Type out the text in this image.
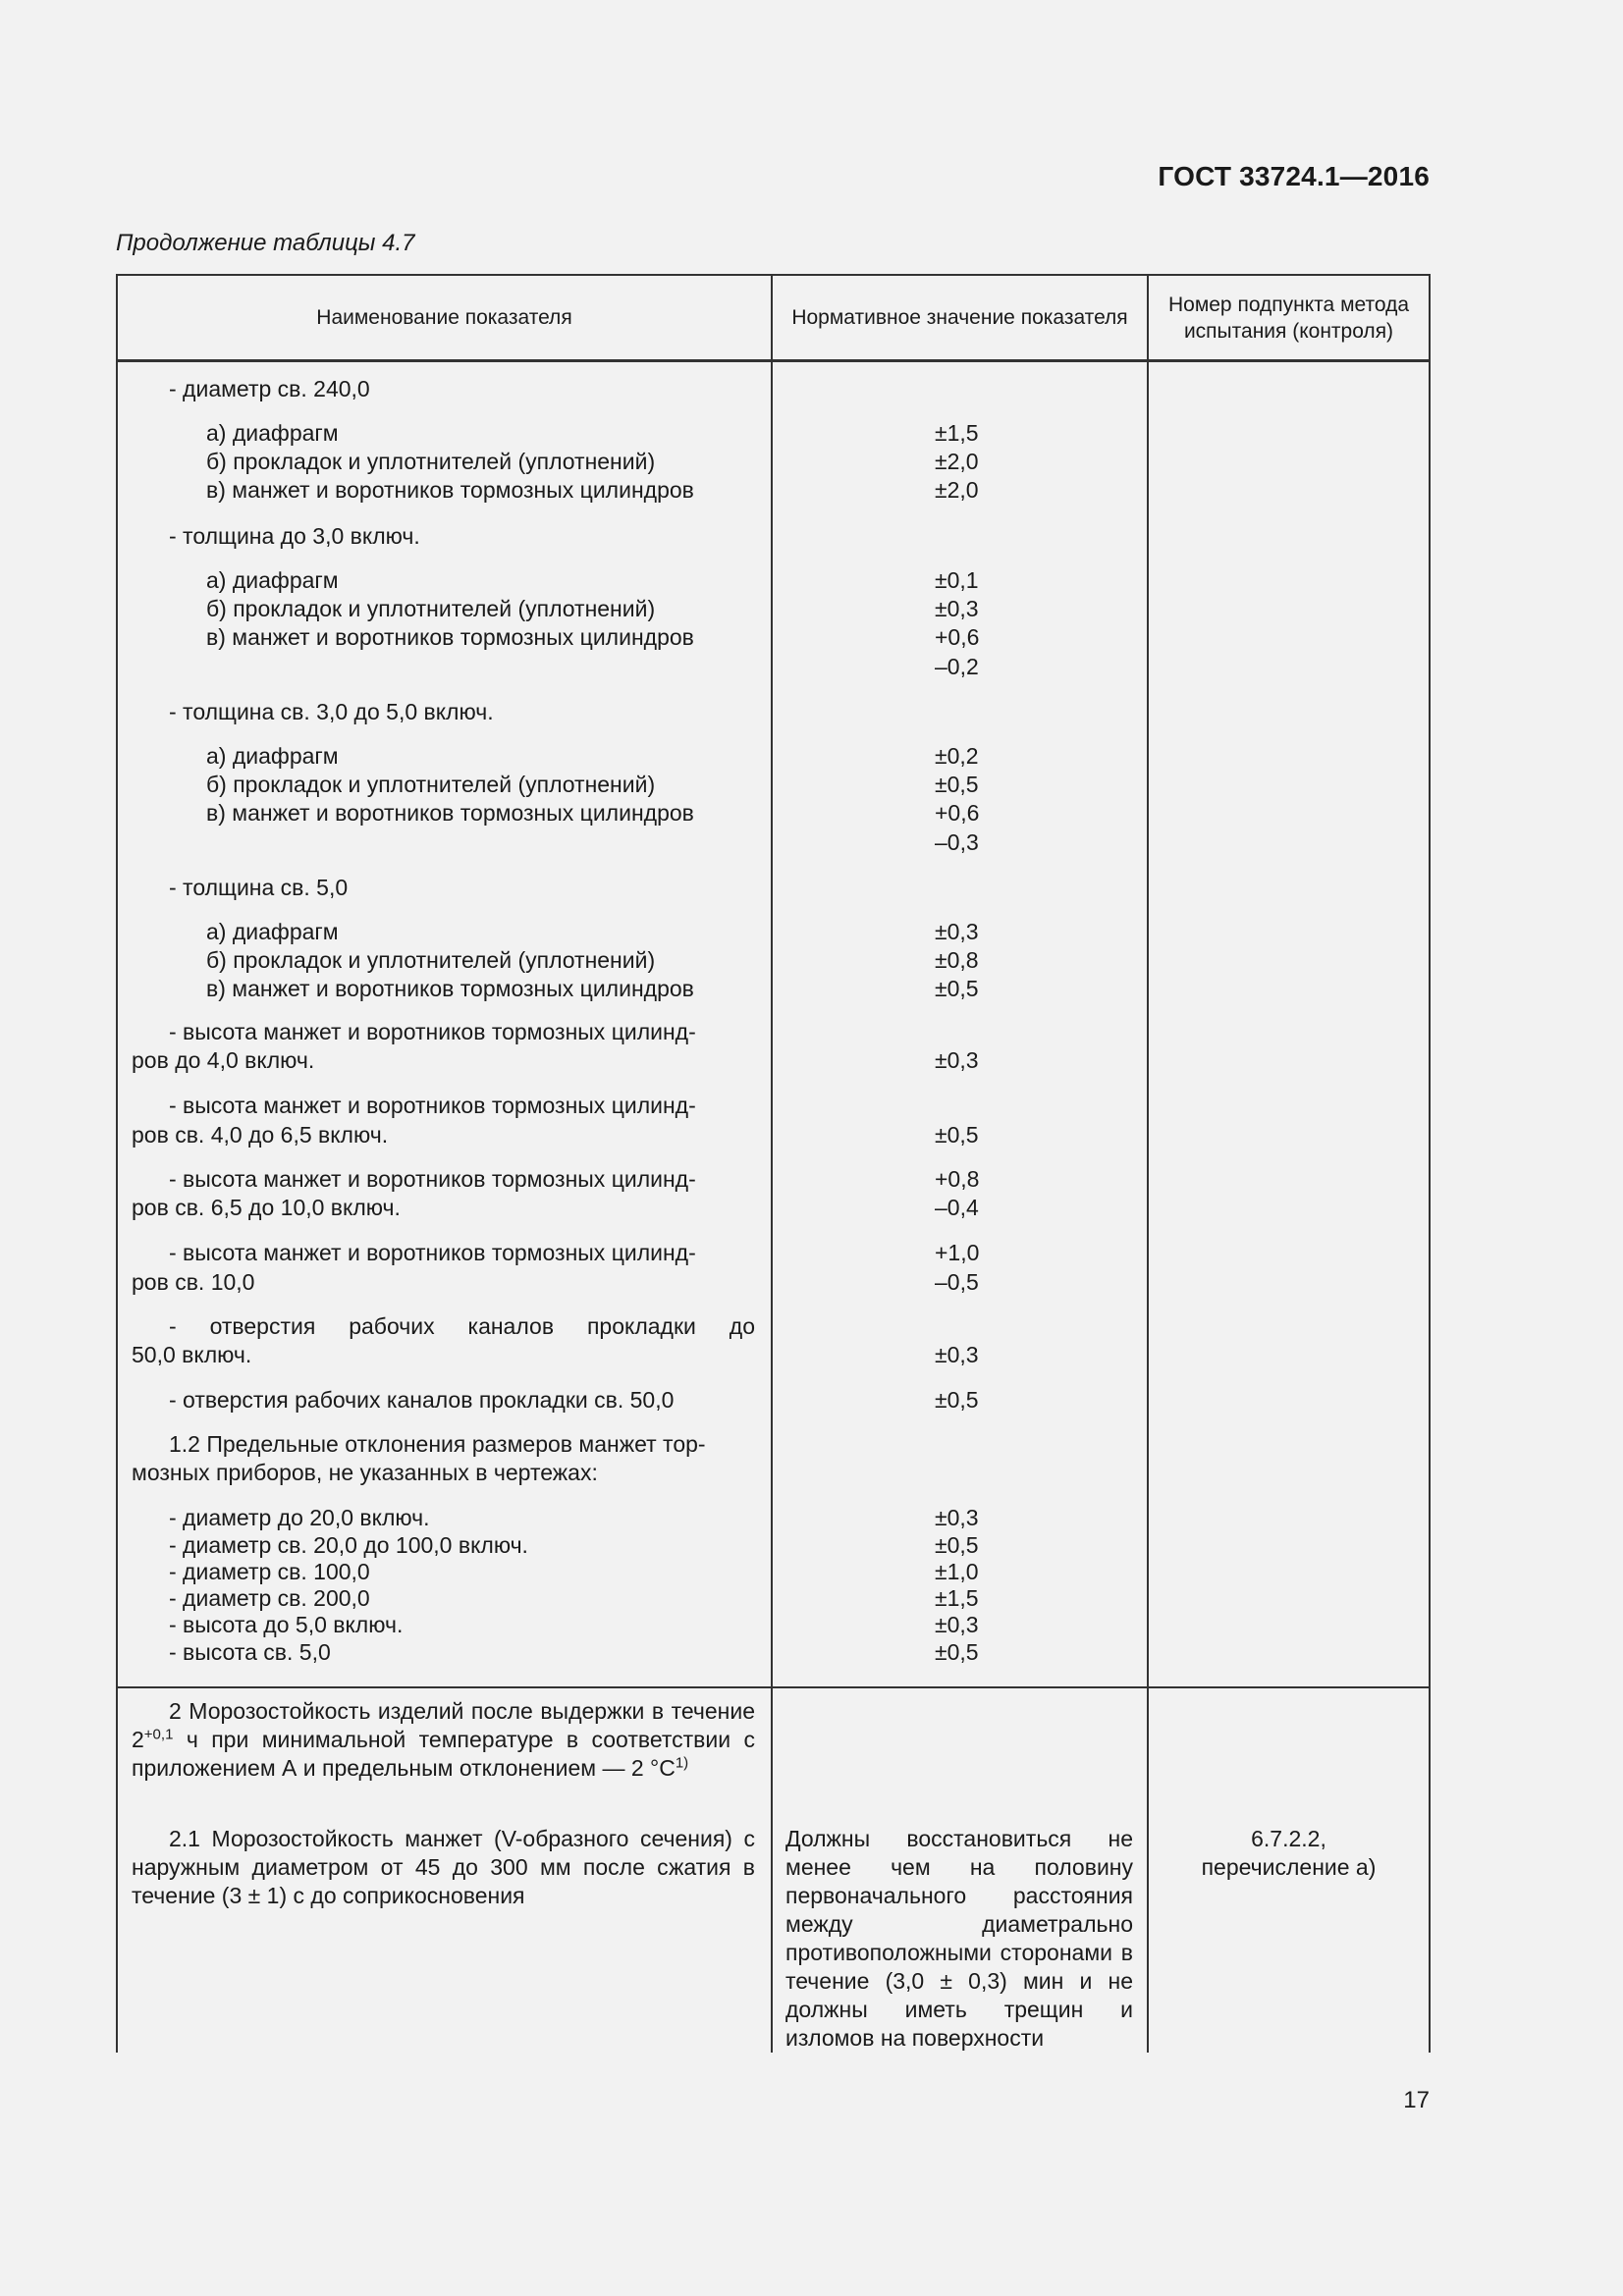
ГОСТ 33724.1—2016
Продолжение таблицы 4.7
Наименование показателя	Нормативное значение показателя
Номер подпункта метода испытания (контроля)
- диаметр св. 240,0
а) диафрагм
б) прокладок и уплотнителей (уплотнений)
в) манжет и воротников тормозных цилиндров
- толщина до 3,0 включ.
а) диафрагм
б) прокладок и уплотнителей (уплотнений)
в) манжет и воротников тормозных цилиндров
- толщина св. 3,0 до 5,0 включ.
а) диафрагм
б) прокладок и уплотнителей (уплотнений)
в) манжет и воротников тормозных цилиндров
- толщина св. 5,0
а) диафрагм
б) прокладок и уплотнителей (уплотнений)
в) манжет и воротников тормозных цилиндров
- высота манжет и воротников тормозных цилинд-
ров до 4,0 включ.
- высота манжет и воротников тормозных цилинд-
ров св. 4,0 до 6,5 включ.
- высота манжет и воротников тормозных цилинд-
ров св. 6,5 до 10,0 включ.
- высота манжет и воротников тормозных цилинд-
ров св. 10,0
- отверстия рабочих каналов прокладки до
50,0 включ.
- отверстия рабочих каналов прокладки св. 50,0
1.2 Предельные отклонения размеров манжет тор-
мозных приборов, не указанных в чертежах:
- диаметр до 20,0 включ.
- диаметр св. 20,0 до 100,0 включ.
- диаметр св. 100,0
- диаметр св. 200,0
- высота до 5,0 включ.
- высота св. 5,0
±1,5
±2,0
±2,0
±0,1
±0,3
+0,6
–0,2
±0,2
±0,5
+0,6
–0,3
±0,3
±0,8
±0,5
±0,3
±0,5
+0,8
–0,4
+1,0
–0,5
±0,3
±0,5
±0,3
±0,5
±1,0
±1,5
±0,3
±0,5
2 Морозостойкость изделий после выдержки в течение $2^{+0,1}$ ч при минимальной температуре в соответствии с приложением А и предельным отклонением — 2 $^\circ С^{1)}$
2.1 Морозостойкость манжет (V-образного сечения) с наружным диаметром от 45 до 300 мм после сжатия в течение (3 ± 1) с до соприкосновения
Должны восстановиться не менее чем на половину первоначального расстояния между диаметрально противоположными сторонами в течение (3,0 ± 0,3) мин и не должны иметь трещин и изломов на поверхности
6.7.2.2,
перечисление а)
17
